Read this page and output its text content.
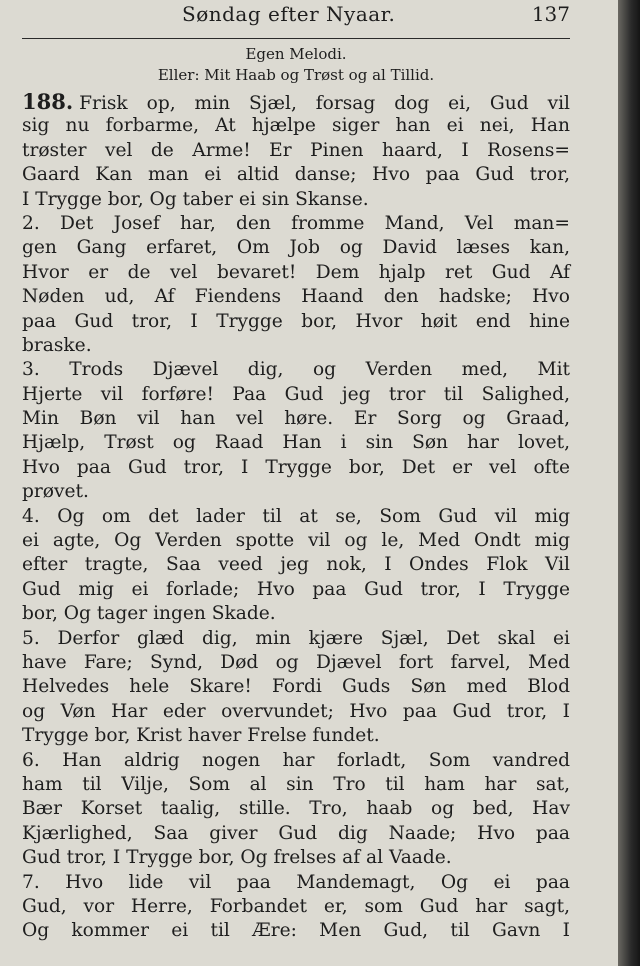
Søndag efter Nyaar.	137
Egen Melodi.
Eller: Mit Haab og Trøst og al Tillid.
188. Frisk op, min Sjæl, forsag dog ei, Gud vil
sig nu forbarme, At hjælpe siger han ei nei, Han
trøster vel de Arme! Er Pinen haard, I Rosens=
Gaard Kan man ei altid danse; Hvo paa Gud tror,
I Trygge bor, Og taber ei sin Skanse.
2. Det Josef har, den fromme Mand, Vel man=
gen Gang erfaret, Om Job og David læses kan,
Hvor er de vel bevaret! Dem hjalp ret Gud Af
Nøden ud, Af Fiendens Haand den hadske; Hvo
paa Gud tror, I Trygge bor, Hvor høit end hine
braske.
3. Trods Djævel dig, og Verden med, Mit
Hjerte vil forføre! Paa Gud jeg tror til Salighed,
Min Bøn vil han vel høre. Er Sorg og Graad,
Hjælp, Trøst og Raad Han i sin Søn har lovet,
Hvo paa Gud tror, I Trygge bor, Det er vel ofte
prøvet.
4. Og om det lader til at se, Som Gud vil mig
ei agte, Og Verden spotte vil og le, Med Ondt mig
efter tragte, Saa veed jeg nok, I Ondes Flok Vil
Gud mig ei forlade; Hvo paa Gud tror, I Trygge
bor, Og tager ingen Skade.
5. Derfor glæd dig, min kjære Sjæl, Det skal ei
have Fare; Synd, Død og Djævel fort farvel, Med
Helvedes hele Skare! Fordi Guds Søn med Blod
og Vøn Har eder overvundet; Hvo paa Gud tror, I
Trygge bor, Krist haver Frelse fundet.
6. Han aldrig nogen har forladt, Som vandred
ham til Vilje, Som al sin Tro til ham har sat,
Bær Korset taalig, stille. Tro, haab og bed, Hav
Kjærlighed, Saa giver Gud dig Naade; Hvo paa
Gud tror, I Trygge bor, Og frelses af al Vaade.
7. Hvo lide vil paa Mandemagt, Og ei paa
Gud, vor Herre, Forbandet er, som Gud har sagt,
Og kommer ei til Ære: Men Gud, til Gavn I
